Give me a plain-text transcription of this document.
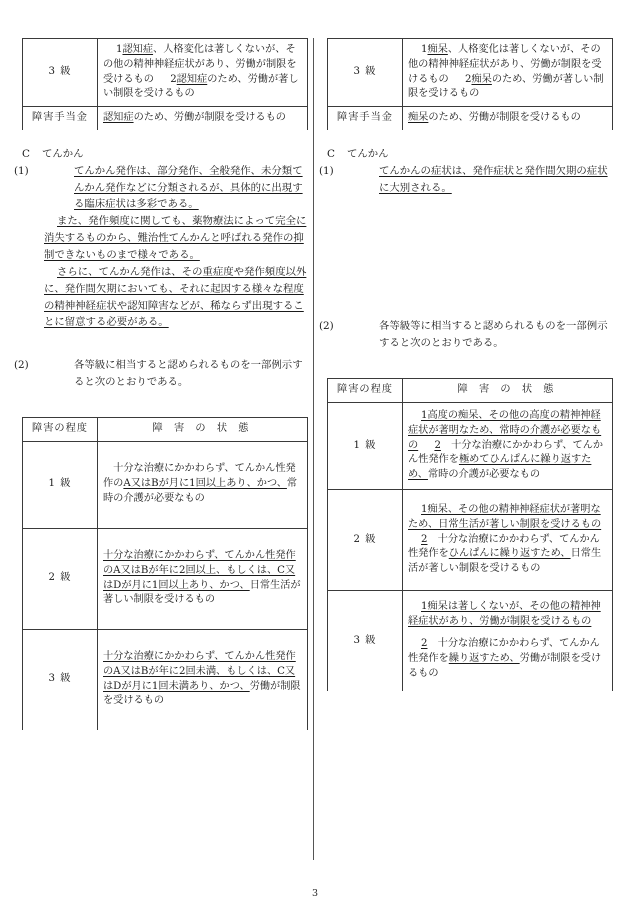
3 級	1認知症、人格変化は著しくないが、その他の精神神経症状があり、労働が制限を受けるもの 2認知症のため、労働が著しい制限を受けるもの
障害手当金	認知症のため、労働が制限を受けるもの
C てんかん
(1)	てんかん発作は、部分発作、全般発作、未分類てんかん発作などに分類されるが、具体的に出現する臨床症状は多彩である。
また、発作頻度に関しても、薬物療法によって完全に消失するものから、難治性てんかんと呼ばれる発作の抑制できないものまで様々である。
さらに、てんかん発作は、その重症度や発作頻度以外に、発作間欠期においても、それに起因する様々な程度の精神神経症状や認知障害などが、稀ならず出現することに留意する必要がある。
(2)	各等級に相当すると認められるものを一部例示すると次のとおりである。
障害の程度	障 害 の 状 態
1 級	　十分な治療にかかわらず、てんかん性発作のA又はBが月に1回以上あり、かつ、常時の介護が必要なもの
2 級	十分な治療にかかわらず、てんかん性発作のA又はBが年に2回以上、もしくは、C又はDが月に1回以上あり、かつ、日常生活が著しい制限を受けるもの
3 級	十分な治療にかかわらず、てんかん性発作のA又はBが年に2回未満、もしくは、C又はDが月に1回未満あり、かつ、労働が制限を受けるもの
3 級	1痴呆、人格変化は著しくないが、その他の精神神経症状があり、労働が制限を受けるもの 2痴呆のため、労働が著しい制限を受けるもの
障害手当金	痴呆のため、労働が制限を受けるもの
C てんかん
(1)	てんかんの症状は、発作症状と発作間欠期の症状に大別される。
(2)	各等級等に相当すると認められるものを一部例示すると次のとおりである。
障害の程度	障 害 の 状 態
1 級	1高度の痴呆、その他の高度の精神神経症状が著明なため、常時の介護が必要なもの 2　十分な治療にかかわらず、てんかん性発作を極めてひんぱんに繰り返すため、常時の介護が必要なもの
2 級	1痴呆、その他の精神神経症状が著明なため、日常生活が著しい制限を受けるもの 2　十分な治療にかかわらず、てんかん性発作をひんぱんに繰り返すため、日常生活が著しい制限を受けるもの
3 級	1痴呆は著しくないが、その他の精神神経症状があり、労働が制限を受けるもの
2　十分な治療にかかわらず、てんかん性発作を繰り返すため、労働が制限を受けるもの
3
